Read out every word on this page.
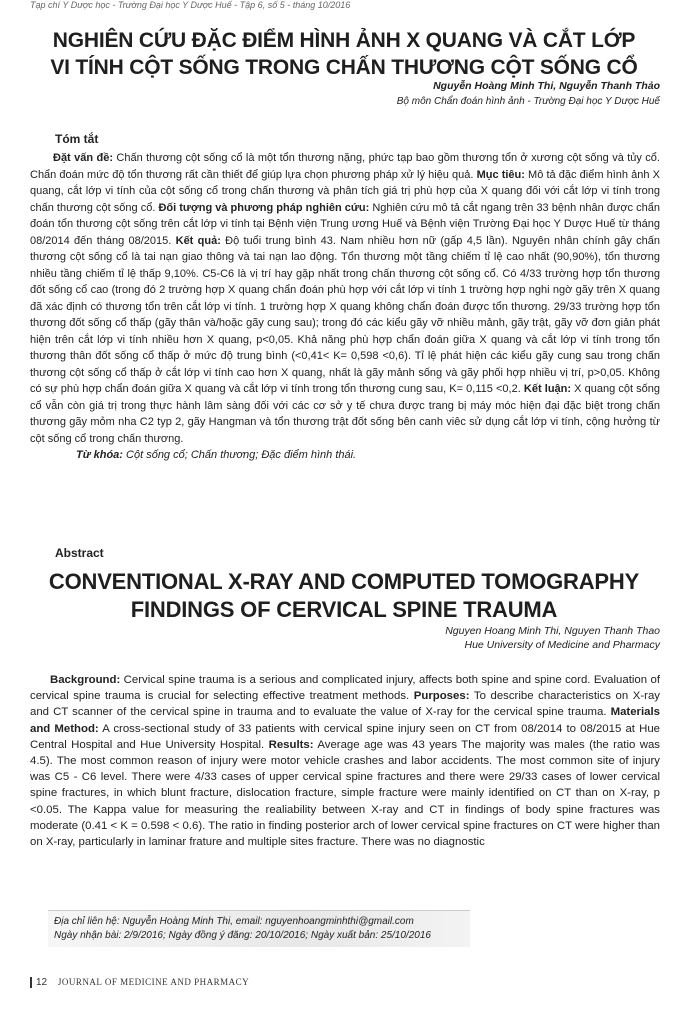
Tạp chí Y Dược học - Trường Đại học Y Dược Huế - Tập 6, số 5 - tháng 10/2016
NGHIÊN CỨU ĐẶC ĐIỂM HÌNH ẢNH X QUANG VÀ CẮT LỚP
VI TÍNH CỘT SỐNG TRONG CHẤN THƯƠNG CỘT SỐNG CỔ
Nguyễn Hoàng Minh Thi, Nguyễn Thanh Thảo
Bộ môn Chẩn đoán hình ảnh - Trường Đại học Y Dược Huế
Tóm tắt

Đặt vấn đề: Chấn thương cột sống cổ là một tổn thương nặng, phức tạp bao gồm thương tổn ở xương cột sống và tủy cổ. Chẩn đoán mức độ tổn thương rất cần thiết để giúp lựa chọn phương pháp xử lý hiệu quả. Mục tiêu: Mô tả đặc điểm hình ảnh X quang, cắt lớp vi tính của cột sống cổ trong chấn thương và phân tích giá trị phù hợp của X quang đối với cắt lớp vi tính trong chấn thương cột sống cổ. Đối tượng và phương pháp nghiên cứu: Nghiên cứu mô tả cắt ngang trên 33 bệnh nhân được chẩn đoán tổn thương cột sống trên cắt lớp vi tính tại Bệnh viện Trung ương Huế và Bệnh viện Trường Đại học Y Dược Huế từ tháng 08/2014 đến tháng 08/2015. Kết quả: Độ tuổi trung bình 43. Nam nhiều hơn nữ (gấp 4,5 lần). Nguyên nhân chính gây chấn thương cột sống cổ là tai nạn giao thông và tai nạn lao động. Tổn thương một tầng chiếm tỉ lệ cao nhất (90,90%), tổn thương nhiều tầng chiếm tỉ lệ thấp 9,10%. C5-C6 là vị trí hay gặp nhất trong chấn thương cột sống cổ. Có 4/33 trường hợp tổn thương đốt sống cổ cao (trong đó 2 trường hợp X quang chẩn đoán phù hợp với cắt lớp vi tính 1 trường hợp nghi ngờ gãy trên X quang đã xác định có thương tổn trên cắt lớp vi tính. 1 trường hợp X quang không chẩn đoán được tổn thương. 29/33 trường hợp tổn thương đốt sống cổ thấp (gãy thân và/hoặc gãy cung sau); trong đó các kiểu gãy vỡ nhiều mảnh, gãy trật, gãy vỡ đơn giản phát hiện trên cắt lớp vi tính nhiều hơn X quang, p<0,05. Khả năng phù hợp chẩn đoán giữa X quang và cắt lớp vi tính trong tổn thương thân đốt sống cổ thấp ở mức độ trung bình (<0,41< K= 0,598 <0,6). Tỉ lệ phát hiện các kiểu gãy cung sau trong chấn thương cột sống cổ thấp ở cắt lớp vi tính cao hơn X quang, nhất là gãy mảnh sống và gãy phối hợp nhiều vị trí, p>0,05. Không có sự phù hợp chẩn đoán giữa X quang và cắt lớp vi tính trong tổn thương cung sau, K= 0,115 <0,2. Kết luận: X quang cột sống cổ vẫn còn giá trị trong thực hành lâm sàng đối với các cơ sở y tế chưa được trang bị máy móc hiện đại đặc biệt trong chấn thương gãy mỏm nha C2 typ 2, gãy Hangman và tổn thương trật đốt sống bên canh viêc sử dụng cắt lớp vi tính, cộng hưởng từ cột sống cổ trong chấn thương.

Từ khóa: Cột sống cổ; Chấn thương; Đặc điểm hình thái.

Abstract
CONVENTIONAL X-RAY AND COMPUTED TOMOGRAPHY
FINDINGS OF CERVICAL SPINE TRAUMA
Nguyen Hoang Minh Thi, Nguyen Thanh Thao
Hue University of Medicine and Pharmacy

Background: Cervical spine trauma is a serious and complicated injury, affects both spine and spine cord. Evaluation of cervical spine trauma is crucial for selecting effective treatment methods. Purposes: To describe characteristics on X-ray and CT scanner of the cervical spine in trauma and to evaluate the value of X-ray for the cervical spine trauma. Materials and Method: A cross-sectional study of 33 patients with cervical spine injury seen on CT from 08/2014 to 08/2015 at Hue Central Hospital and Hue University Hospital. Results: Average age was 43 years The majority was males (the ratio was 4.5). The most common reason of injury were motor vehicle crashes and labor accidents. The most common site of injury was C5 - C6 level. There were 4/33 cases of upper cervical spine fractures and there were 29/33 cases of lower cervical spine fractures, in which blunt fracture, dislocation fracture, simple fracture were mainly identified on CT than on X-ray, p <0.05. The Kappa value for measuring the realiability between X-ray and CT in findings of body spine fractures was moderate (0.41 < K = 0.598 < 0.6). The ratio in finding posterior arch of lower cervical spine fractures on CT were higher than on X-ray, particularly in laminar frature and multiple sites fracture. There was no diagnostic

Địa chỉ liên hệ: Nguyễn Hoàng Minh Thi, email: nguyenhoangminhthi@gmail.com
Ngày nhận bài: 2/9/2016; Ngày đồng ý đăng: 20/10/2016; Ngày xuất bản: 25/10/2016
12 JOURNAL OF MEDICINE AND PHARMACY
